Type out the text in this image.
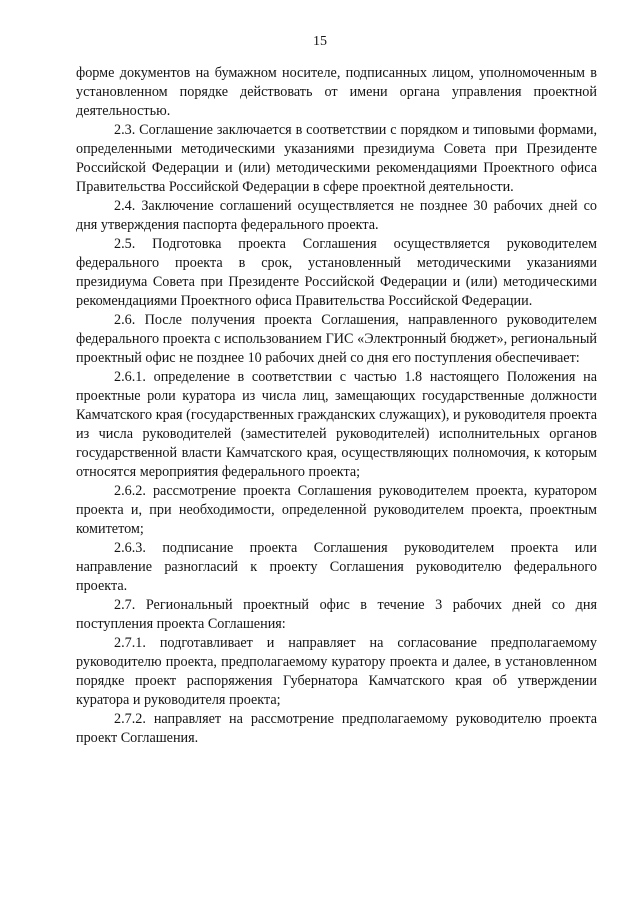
15

форме документов на бумажном носителе, подписанных лицом, уполномоченным в установленном порядке действовать от имени органа управления проектной деятельностью.

2.3. Соглашение заключается в соответствии с порядком и типовыми формами, определенными методическими указаниями президиума Совета при Президенте Российской Федерации и (или) методическими рекомендациями Проектного офиса Правительства Российской Федерации в сфере проектной деятельности.

2.4. Заключение соглашений осуществляется не позднее 30 рабочих дней со дня утверждения паспорта федерального проекта.

2.5. Подготовка проекта Соглашения осуществляется руководителем федерального проекта в срок, установленный методическими указаниями президиума Совета при Президенте Российской Федерации и (или) методическими рекомендациями Проектного офиса Правительства Российской Федерации.

2.6. После получения проекта Соглашения, направленного руководителем федерального проекта с использованием ГИС «Электронный бюджет», региональный проектный офис не позднее 10 рабочих дней со дня его поступления обеспечивает:

2.6.1. определение в соответствии с частью 1.8 настоящего Положения на проектные роли куратора из числа лиц, замещающих государственные должности Камчатского края (государственных гражданских служащих), и руководителя проекта из числа руководителей (заместителей руководителей) исполнительных органов государственной власти Камчатского края, осуществляющих полномочия, к которым относятся мероприятия федерального проекта;

2.6.2. рассмотрение проекта Соглашения руководителем проекта, куратором проекта и, при необходимости, определенной руководителем проекта, проектным комитетом;

2.6.3. подписание проекта Соглашения руководителем проекта или направление разногласий к проекту Соглашения руководителю федерального проекта.

2.7. Региональный проектный офис в течение 3 рабочих дней со дня поступления проекта Соглашения:

2.7.1. подготавливает и направляет на согласование предполагаемому руководителю проекта, предполагаемому куратору проекта и далее, в установленном порядке проект распоряжения Губернатора Камчатского края об утверждении куратора и руководителя проекта;

2.7.2. направляет на рассмотрение предполагаемому руководителю проекта проект Соглашения.
